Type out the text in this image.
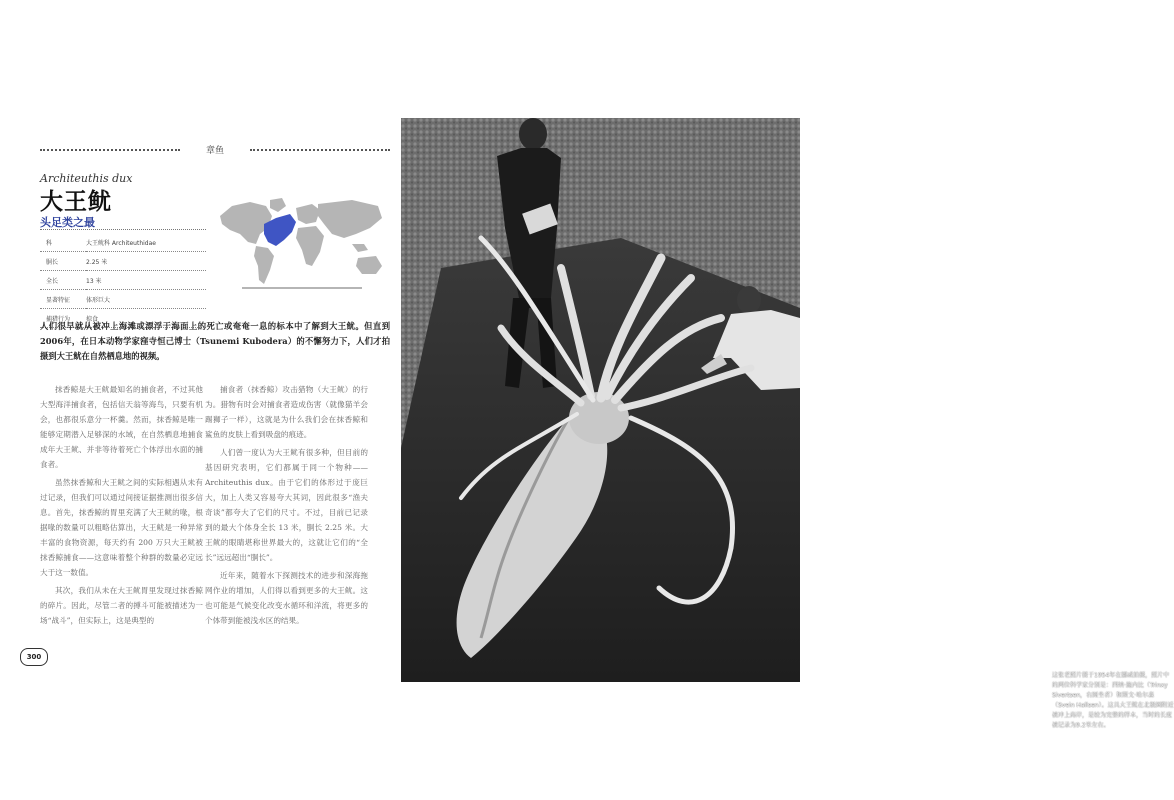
章鱼
Architeuthis dux
大王鱿
头足类之最
科	大王鱿科 Architeuthidae
胴长	2.25 米
全长	13 米
显著特征	体形巨大
捕猎行为	掠食
人们很早就从被冲上海滩或漂浮于海面上的死亡或奄奄一息的标本中了解到大王鱿。但直到2006年，在日本动物学家窪寺恒己博士（Tsunemi Kubodera）的不懈努力下，人们才拍摄到大王鱿在自然栖息地的视频。

抹香鲸是大王鱿最知名的捕食者，不过其他大型海洋捕食者，包括信天翁等海鸟，只要有机会，也都很乐意分一杯羹。然而，抹香鲸是唯一能够定期潜入足够深的水域，在自然栖息地捕食成年大王鱿、并非等待着死亡个体浮出水面的捕食者。

虽然抹香鲸和大王鱿之间的实际相遇从未有过记录，但我们可以通过间接证据推测出很多信息。首先，抹香鲸的胃里充满了大王鱿的喙，根据喙的数量可以粗略估算出，大王鱿是一种异常丰富的食物资源，每天约有 200 万只大王鱿被抹香鲸捕食——这意味着整个种群的数量必定远大于这一数值。

其次，我们从未在大王鱿胃里发现过抹香鲸的碎片。因此，尽管二者的搏斗可能被描述为一场“战斗”，但实际上，这是典型的

捕食者（抹香鲸）攻击猎物（大王鱿）的行为。猎物有时会对捕食者造成伤害（就像猫羊会踢狮子一样），这就是为什么我们会在抹香鲸和鲨鱼的皮肤上看到吸盘的痕迹。

人们曾一度认为大王鱿有很多种，但目前的基因研究表明，它们都属于同一个物种——Architeuthis dux。由于它们的体形过于庞巨大，加上人类又容易夸大其词，因此很多“渔夫奇谈”都夸大了它们的尺寸。不过，目前已记录到的最大个体身全长 13 米，胴长 2.25 米。大王鱿的眼睛堪称世界最大的，这就让它们的“全长”远远超出“胴长”。

近年来，随着水下探测技术的进步和深海拖网作业的增加，人们得以看到更多的大王鱿。这也可能是气候变化改变水循环和洋流，将更多的个体带到能被浅水区的结果。

300
这张老照片摄于1954年在挪威拍摄，照片中的两位科学家分别是：西纳·施内比（Trinxy Sivertsen，右图坐者）和斯文·哈尔森（Svein Hallsen）。这具大王鱿在北极圈附近被冲上海岸，是较为完整的样本，当时的长度被记录为9.2米左右。
